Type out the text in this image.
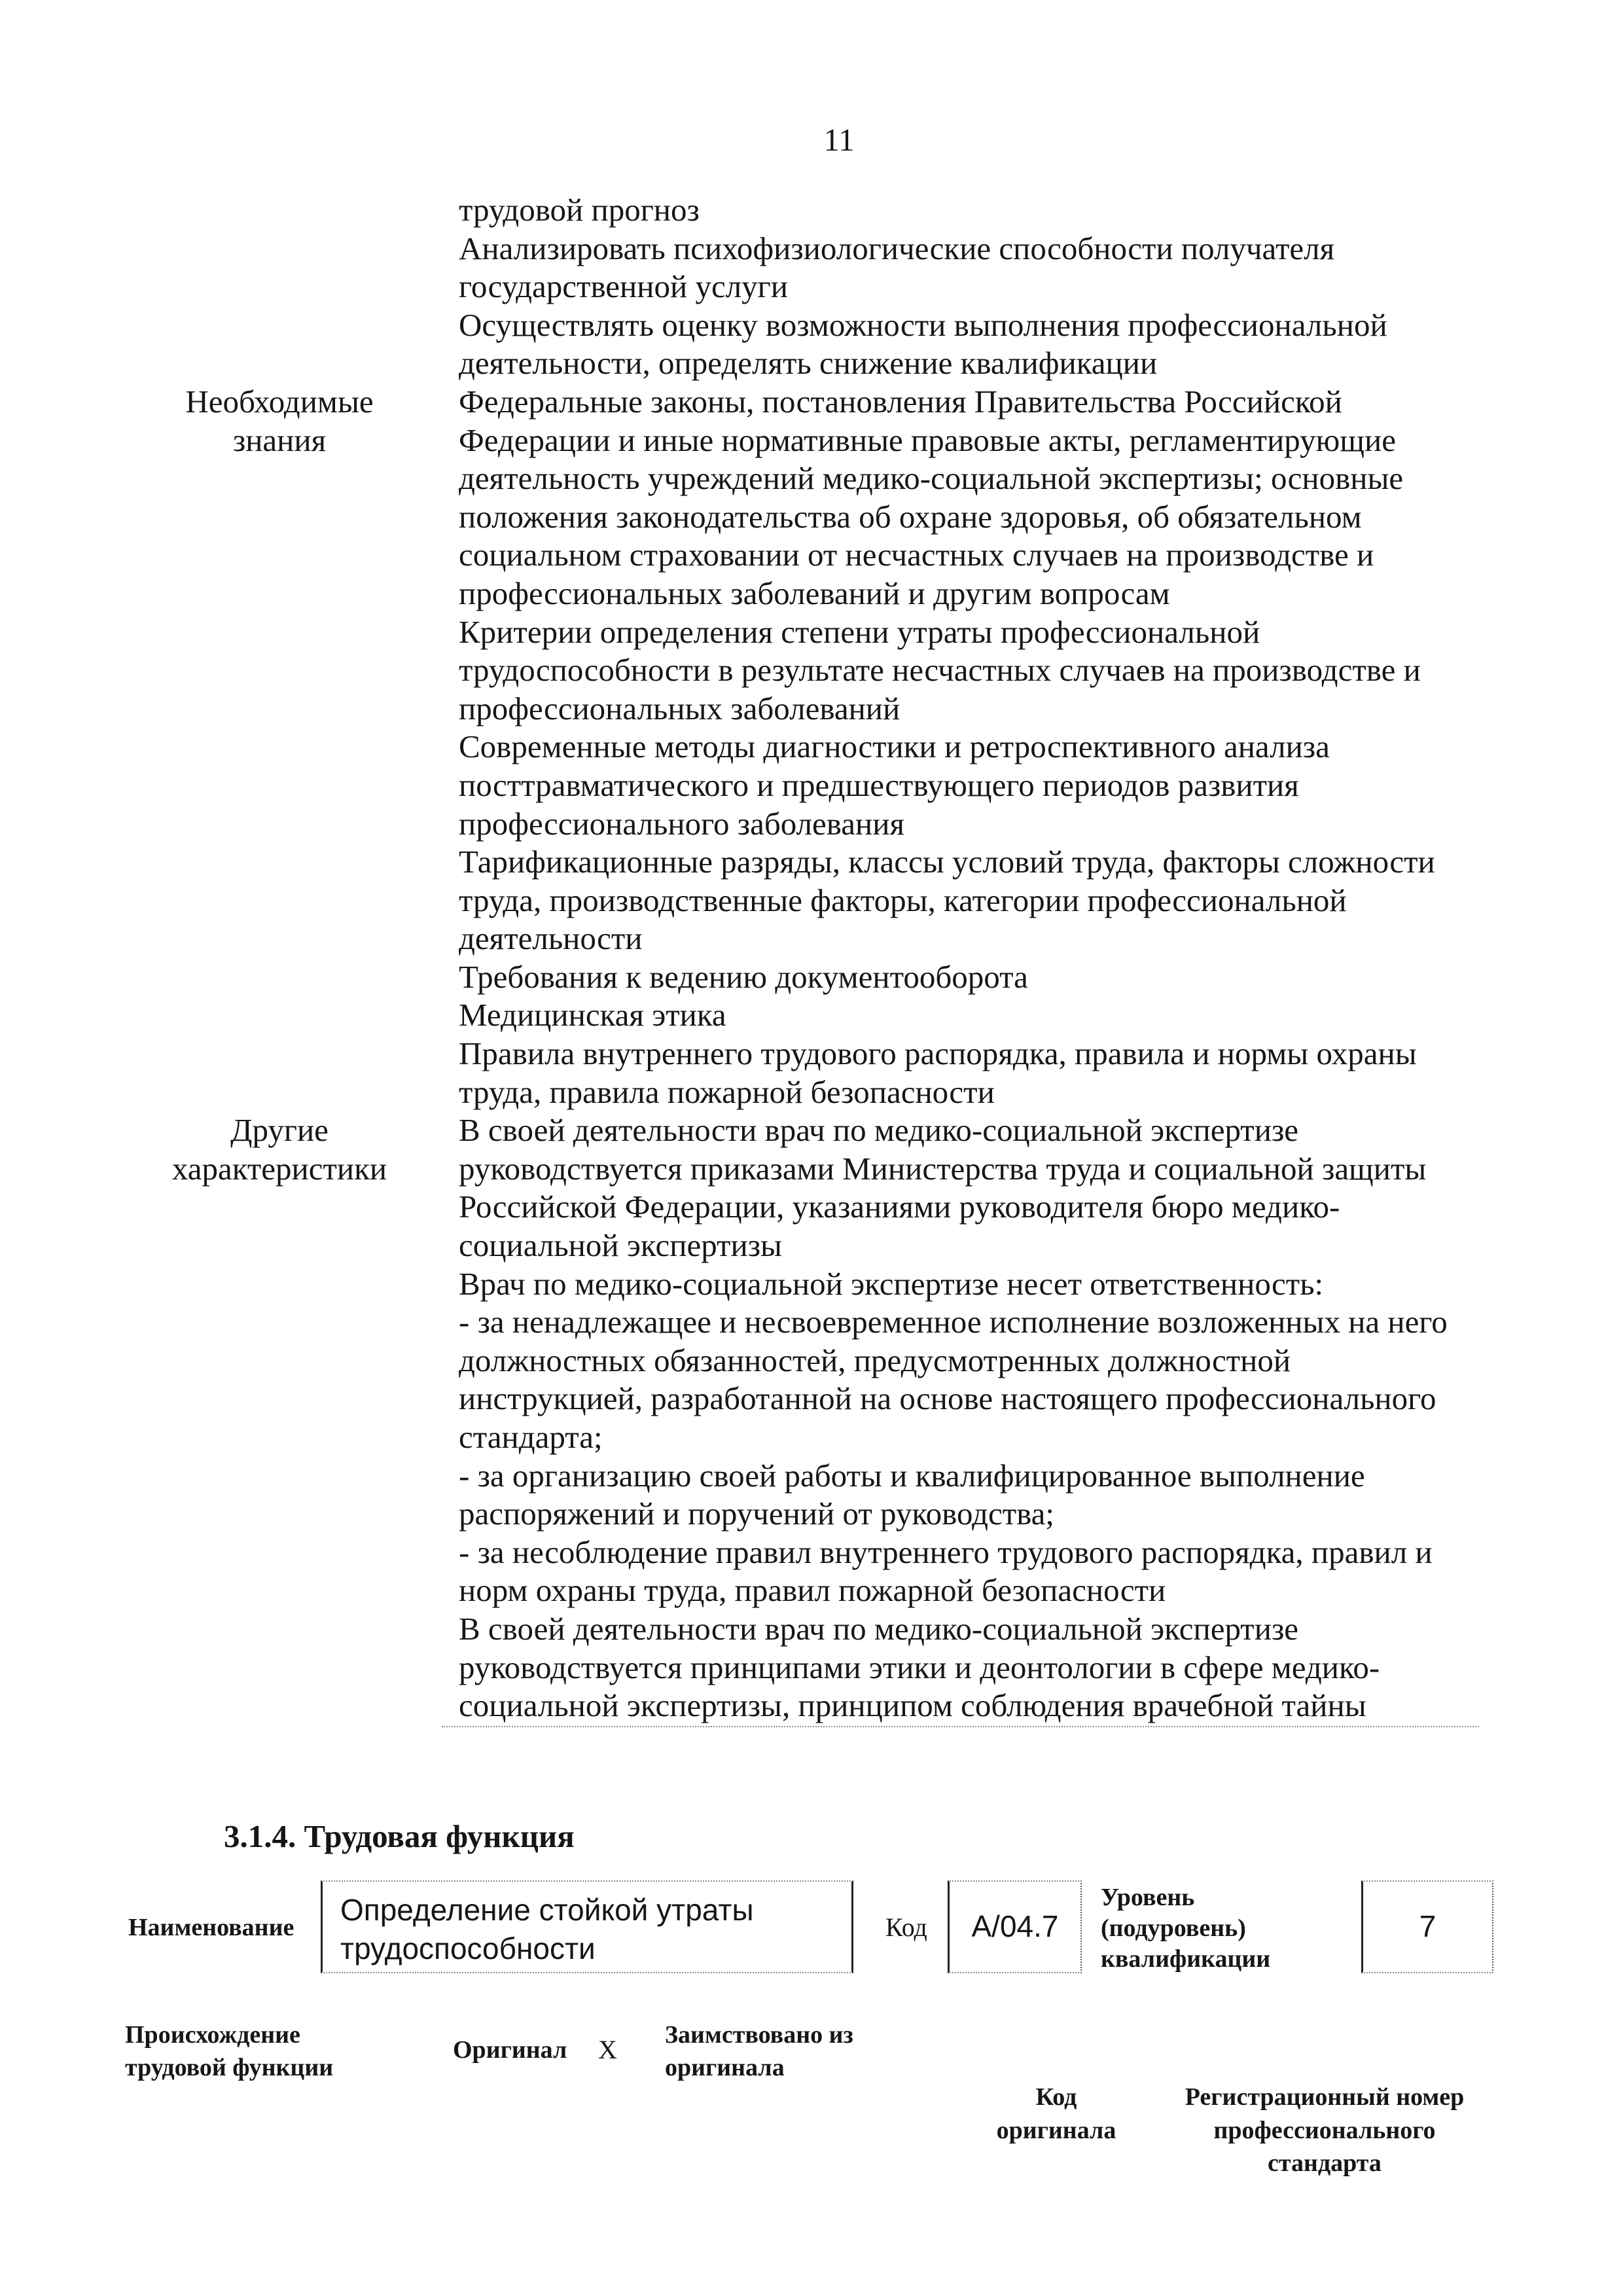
11
трудовой прогноз
Анализировать психофизиологические способности получателя
государственной услуги
Осуществлять оценку возможности выполнения профессиональной
деятельности, определять снижение квалификации
Необходимые
знания
Федеральные законы, постановления Правительства Российской
Федерации и иные нормативные правовые акты, регламентирующие
деятельность учреждений медико-социальной экспертизы; основные
положения законодательства об охране здоровья, об обязательном
социальном страховании от несчастных случаев на производстве и
профессиональных заболеваний и другим вопросам
Критерии определения степени утраты профессиональной
трудоспособности в результате несчастных случаев на производстве и
профессиональных заболеваний
Современные методы диагностики и ретроспективного анализа
посттравматического и предшествующего периодов развития
профессионального заболевания
Тарификационные разряды, классы условий труда, факторы сложности
труда, производственные факторы, категории профессиональной
деятельности
Требования к ведению документооборота
Медицинская этика
Правила внутреннего трудового распорядка, правила и нормы охраны
труда, правила пожарной безопасности
Другие
характеристики
В своей деятельности врач по медико-социальной экспертизе
руководствуется приказами Министерства труда и социальной защиты
Российской Федерации, указаниями руководителя бюро медико-
социальной экспертизы
Врач по медико-социальной экспертизе несет ответственность:
- за ненадлежащее и несвоевременное исполнение возложенных на него
должностных обязанностей, предусмотренных должностной
инструкцией, разработанной на основе настоящего профессионального
стандарта;
- за организацию своей работы и квалифицированное выполнение
распоряжений и поручений от руководства;
- за несоблюдение правил внутреннего трудового распорядка, правил и
норм охраны труда, правил пожарной безопасности
В своей деятельности врач по медико-социальной экспертизе
руководствуется принципами этики и деонтологии в сфере медико-
социальной экспертизы, принципом соблюдения врачебной тайны
3.1.4. Трудовая функция
Наименование
Определение стойкой утраты
трудоспособности
Код	A/04.7
Уровень
(подуровень)
квалификации
7
Происхождение
трудовой функции
Оригинал X Заимствовано из
оригинала
Код
оригинала
Регистрационный номер
профессионального
стандарта
